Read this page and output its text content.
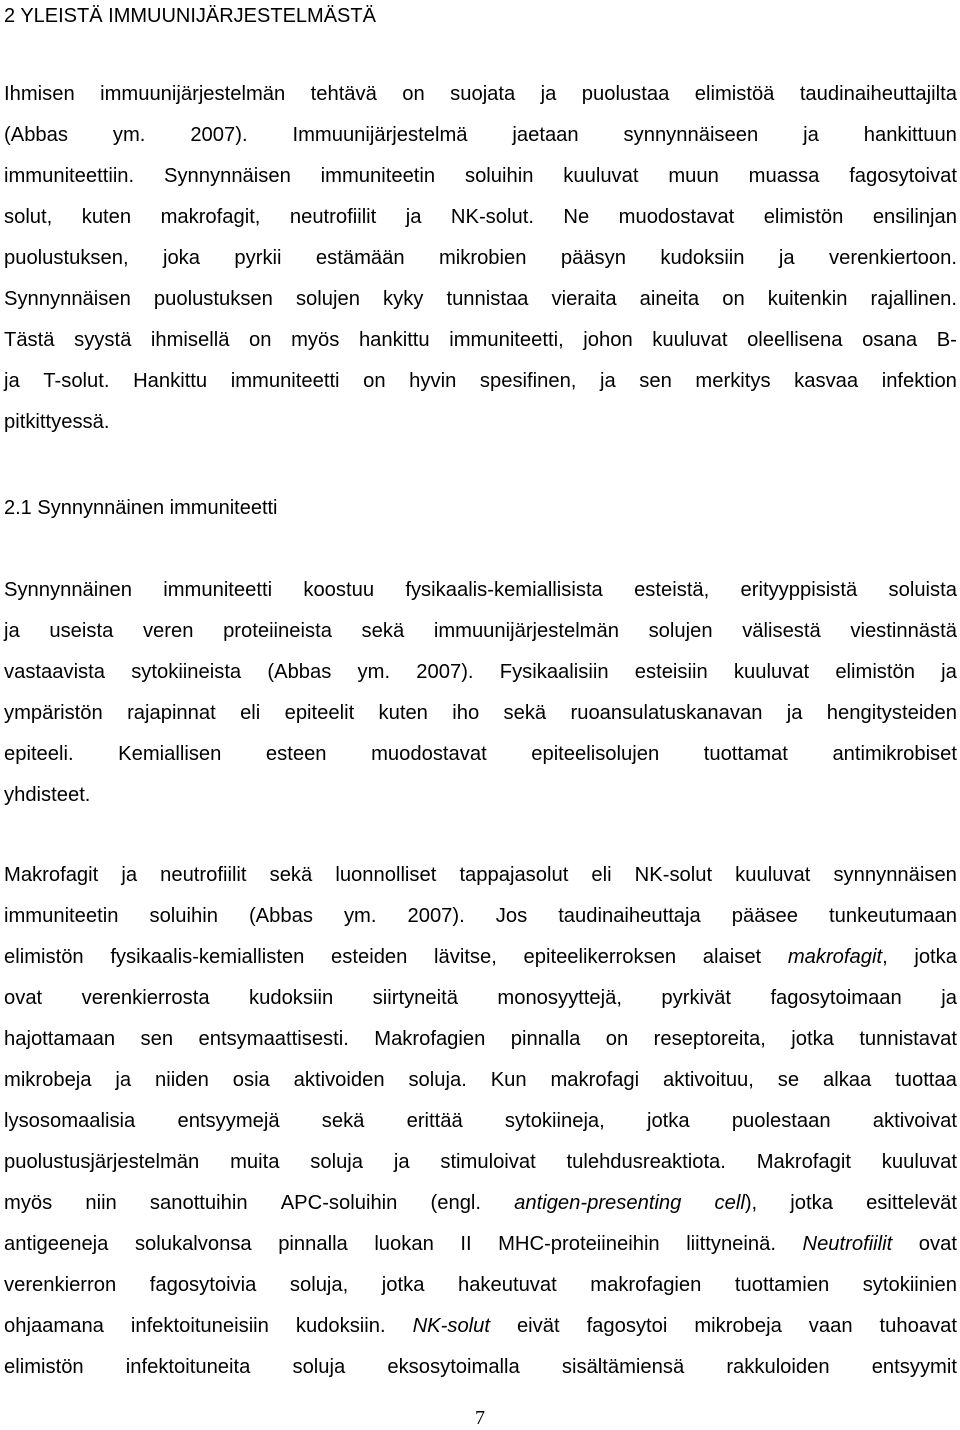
2 YLEISTÄ IMMUUNIJÄRJESTELMÄSTÄ
Ihmisen immuunijärjestelmän tehtävä on suojata ja puolustaa elimistöä taudinaiheuttajilta
(Abbas ym. 2007). Immuunijärjestelmä jaetaan synnynnäiseen ja hankittuun
immuniteettiin. Synnynnäisen immuniteetin soluihin kuuluvat muun muassa fagosytoivat
solut, kuten makrofagit, neutrofiilit ja NK-solut. Ne muodostavat elimistön ensilinjan
puolustuksen, joka pyrkii estämään mikrobien pääsyn kudoksiin ja verenkiertoon.
Synnynnäisen puolustuksen solujen kyky tunnistaa vieraita aineita on kuitenkin rajallinen.
Tästä syystä ihmisellä on myös hankittu immuniteetti, johon kuuluvat oleellisena osana B-
ja T-solut. Hankittu immuniteetti on hyvin spesifinen, ja sen merkitys kasvaa infektion
pitkittyessä.
2.1 Synnynnäinen immuniteetti
Synnynnäinen immuniteetti koostuu fysikaalis-kemiallisista esteistä, erityyppisistä soluista
ja useista veren proteiineista sekä immuunijärjestelmän solujen välisestä viestinnästä
vastaavista sytokiineista (Abbas ym. 2007). Fysikaalisiin esteisiin kuuluvat elimistön ja
ympäristön rajapinnat eli epiteelit kuten iho sekä ruoansulatuskanavan ja hengitysteiden
epiteeli. Kemiallisen esteen muodostavat epiteelisolujen tuottamat antimikrobiset
yhdisteet.
Makrofagit ja neutrofiilit sekä luonnolliset tappajasolut eli NK-solut kuuluvat synnynnäisen
immuniteetin soluihin (Abbas ym. 2007). Jos taudinaiheuttaja pääsee tunkeutumaan
elimistön fysikaalis-kemiallisten esteiden lävitse, epiteelikerroksen alaiset makrofagit, jotka
ovat verenkierrosta kudoksiin siirtyneitä monosyyttejä, pyrkivät fagosytoimaan ja
hajottamaan sen entsymaattisesti. Makrofagien pinnalla on reseptoreita, jotka tunnistavat
mikrobeja ja niiden osia aktivoiden soluja. Kun makrofagi aktivoituu, se alkaa tuottaa
lysosomaalisia entsyymejä sekä erittää sytokiineja, jotka puolestaan aktivoivat
puolustusjärjestelmän muita soluja ja stimuloivat tulehdusreaktiota. Makrofagit kuuluvat
myös niin sanottuihin APC-soluihin (engl. antigen-presenting cell), jotka esittelevät
antigeeneja solukalvonsa pinnalla luokan II MHC-proteiineihin liittyneinä. Neutrofiilit ovat
verenkierron fagosytoivia soluja, jotka hakeutuvat makrofagien tuottamien sytokiinien
ohjaamana infektoituneisiin kudoksiin. NK-solut eivät fagosytoi mikrobeja vaan tuhoavat
elimistön infektoituneita soluja eksosytoimalla sisältämiensä rakkuloiden entsyymit
7
